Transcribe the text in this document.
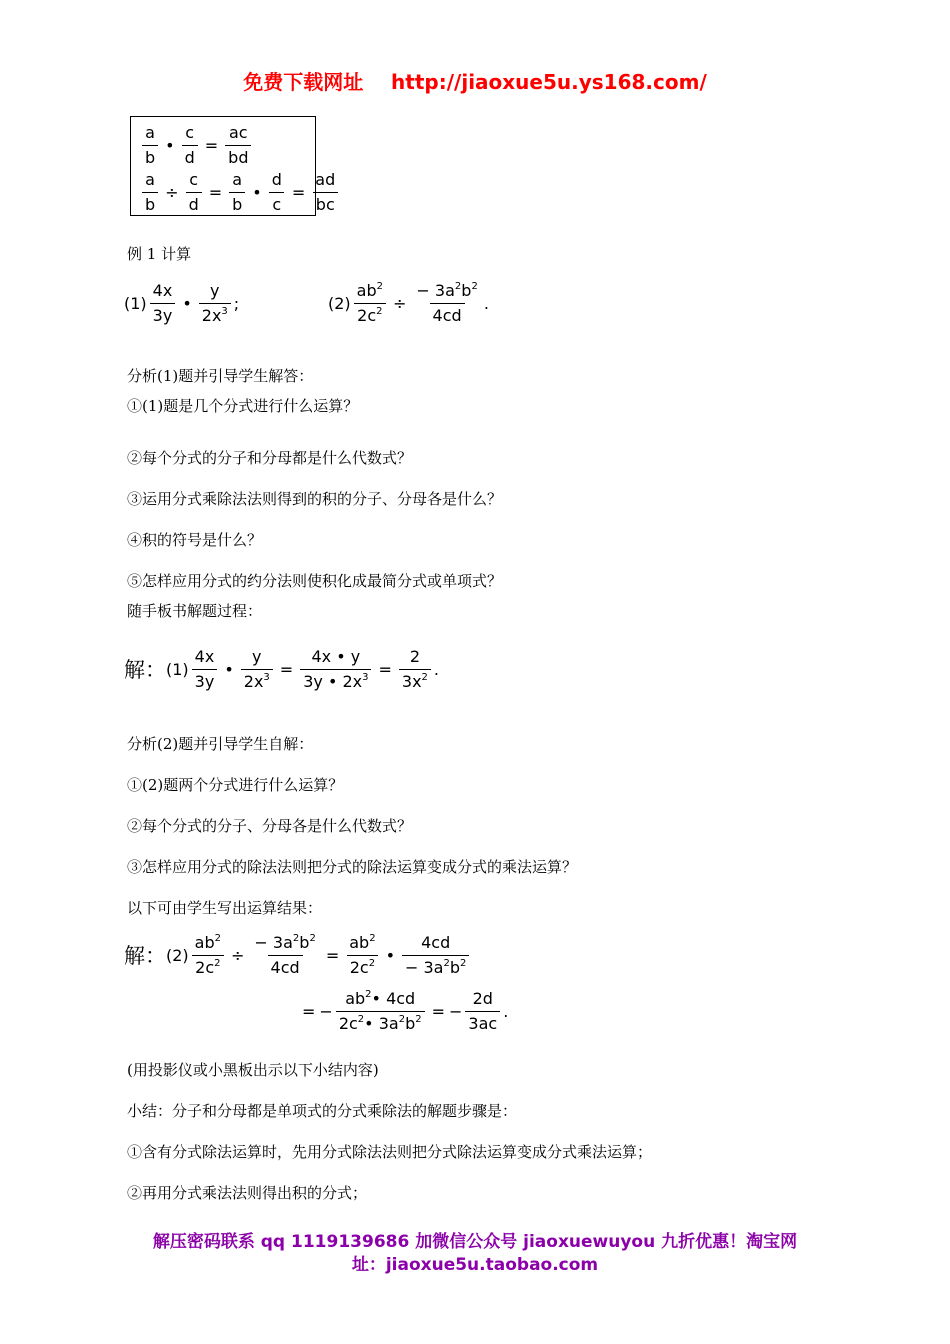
免费下载网址    http://jiaoxue5u.ys168.com/
$\frac{a}{b}$ • $\frac{c}{d} = \frac{ac}{bd}$
$\frac{a}{b} \div \frac{c}{d} = \frac{a}{b}$ • $\frac{d}{c} = \frac{ad}{bc}$
例 1 计算
$(1) \frac{4x}{3y}$ • $\frac{y}{2x^3}$ ;	$(2) \frac{ab^2}{2c^2} \div \frac{- 3a^2b^2}{4cd}$ .
分析(1)题并引导学生解答：
①(1)题是几个分式进行什么运算？
②每个分式的分子和分母都是什么代数式？
③运用分式乘除法法则得到的积的分子、分母各是什么？
④积的符号是什么？
⑤怎样应用分式的约分法则使积化成最简分式或单项式？
随手板书解题过程：
解： $(1) \frac{4x}{3y}$ • $\frac{y}{2x^3} = \frac{4x • y}{3y • 2x^3} = \frac{2}{3x^2}$ .
分析(2)题并引导学生自解：
①(2)题两个分式进行什么运算？
②每个分式的分子、分母各是什么代数式？
③怎样应用分式的除法法则把分式的除法运算变成分式的乘法运算？
以下可由学生写出运算结果：
解： $(2) \frac{ab^2}{2c^2} \div \frac{- 3a^2b^2}{4cd} = \frac{ab^2}{2c^2}$ • $\frac{4cd}{- 3a^2b^2}$
= − $\frac{ab^2• 4cd}{2c^2• 3a^2b^2}$ = − $\frac{2d}{3ac}$ .
(用投影仪或小黑板出示以下小结内容)
小结：分子和分母都是单项式的分式乘除法的解题步骤是：
①含有分式除法运算时，先用分式除法法则把分式除法运算变成分式乘法运算；
②再用分式乘法法则得出积的分式；
解压密码联系 qq 1119139686 加微信公众号 jiaoxuewuyou 九折优惠！淘宝网
址：jiaoxue5u.taobao.com
